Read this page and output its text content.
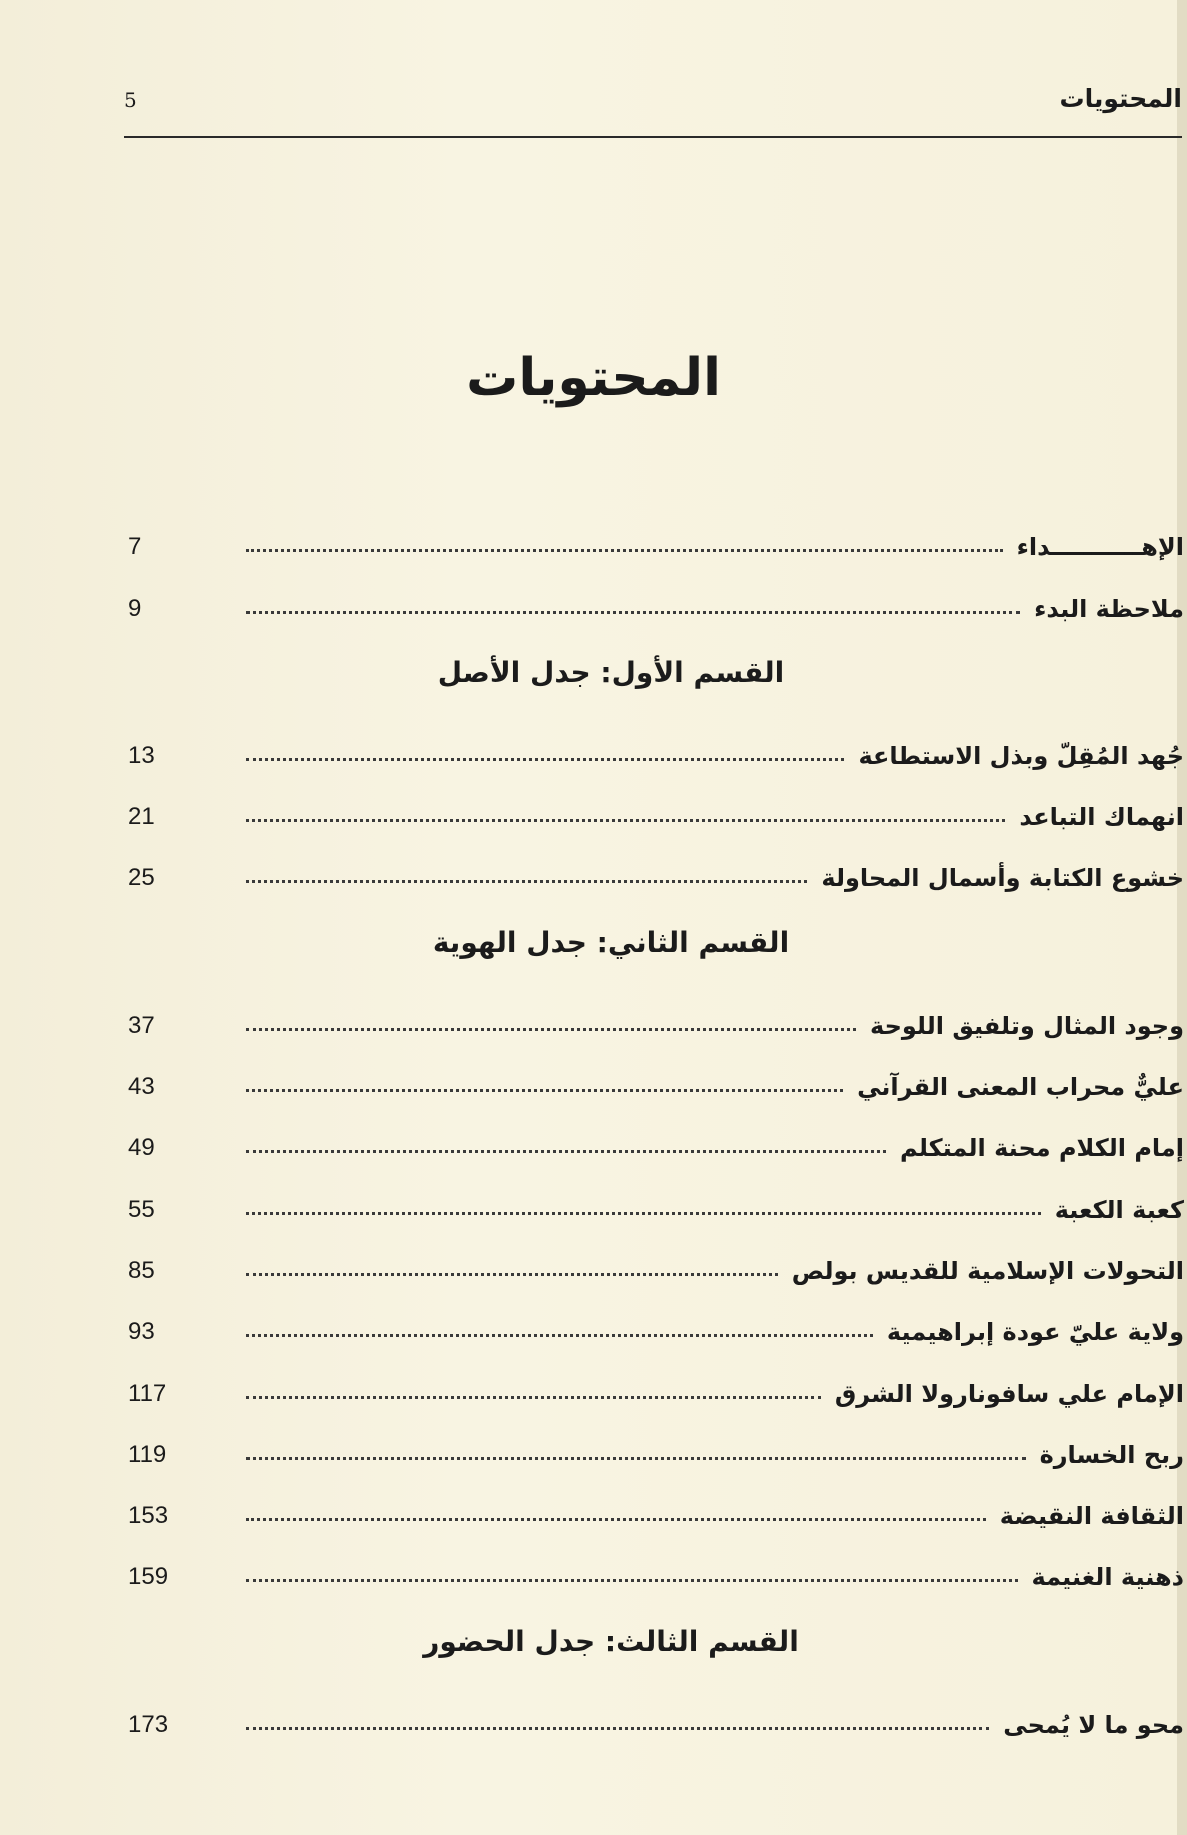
المحتويات
5
المحتويات
الإهـــــــــــداء
7
ملاحظة البدء
9
القسم الأول: جدل الأصل
جُهد المُقِلّ وبذل الاستطاعة
13
انهماك التباعد
21
خشوع الكتابة وأسمال المحاولة
25
القسم الثاني: جدل الهوية
وجود المثال وتلفيق اللوحة
37
عليٌّ محراب المعنى القرآني
43
إمام الكلام محنة المتكلم
49
كعبة الكعبة
55
التحولات الإسلامية للقديس بولص
85
ولاية عليّ عودة إبراهيمية
93
الإمام علي سافونارولا الشرق
117
ربح الخسارة
119
الثقافة النقيضة
153
ذهنية الغنيمة
159
القسم الثالث: جدل الحضور
محو ما لا يُمحى
173
